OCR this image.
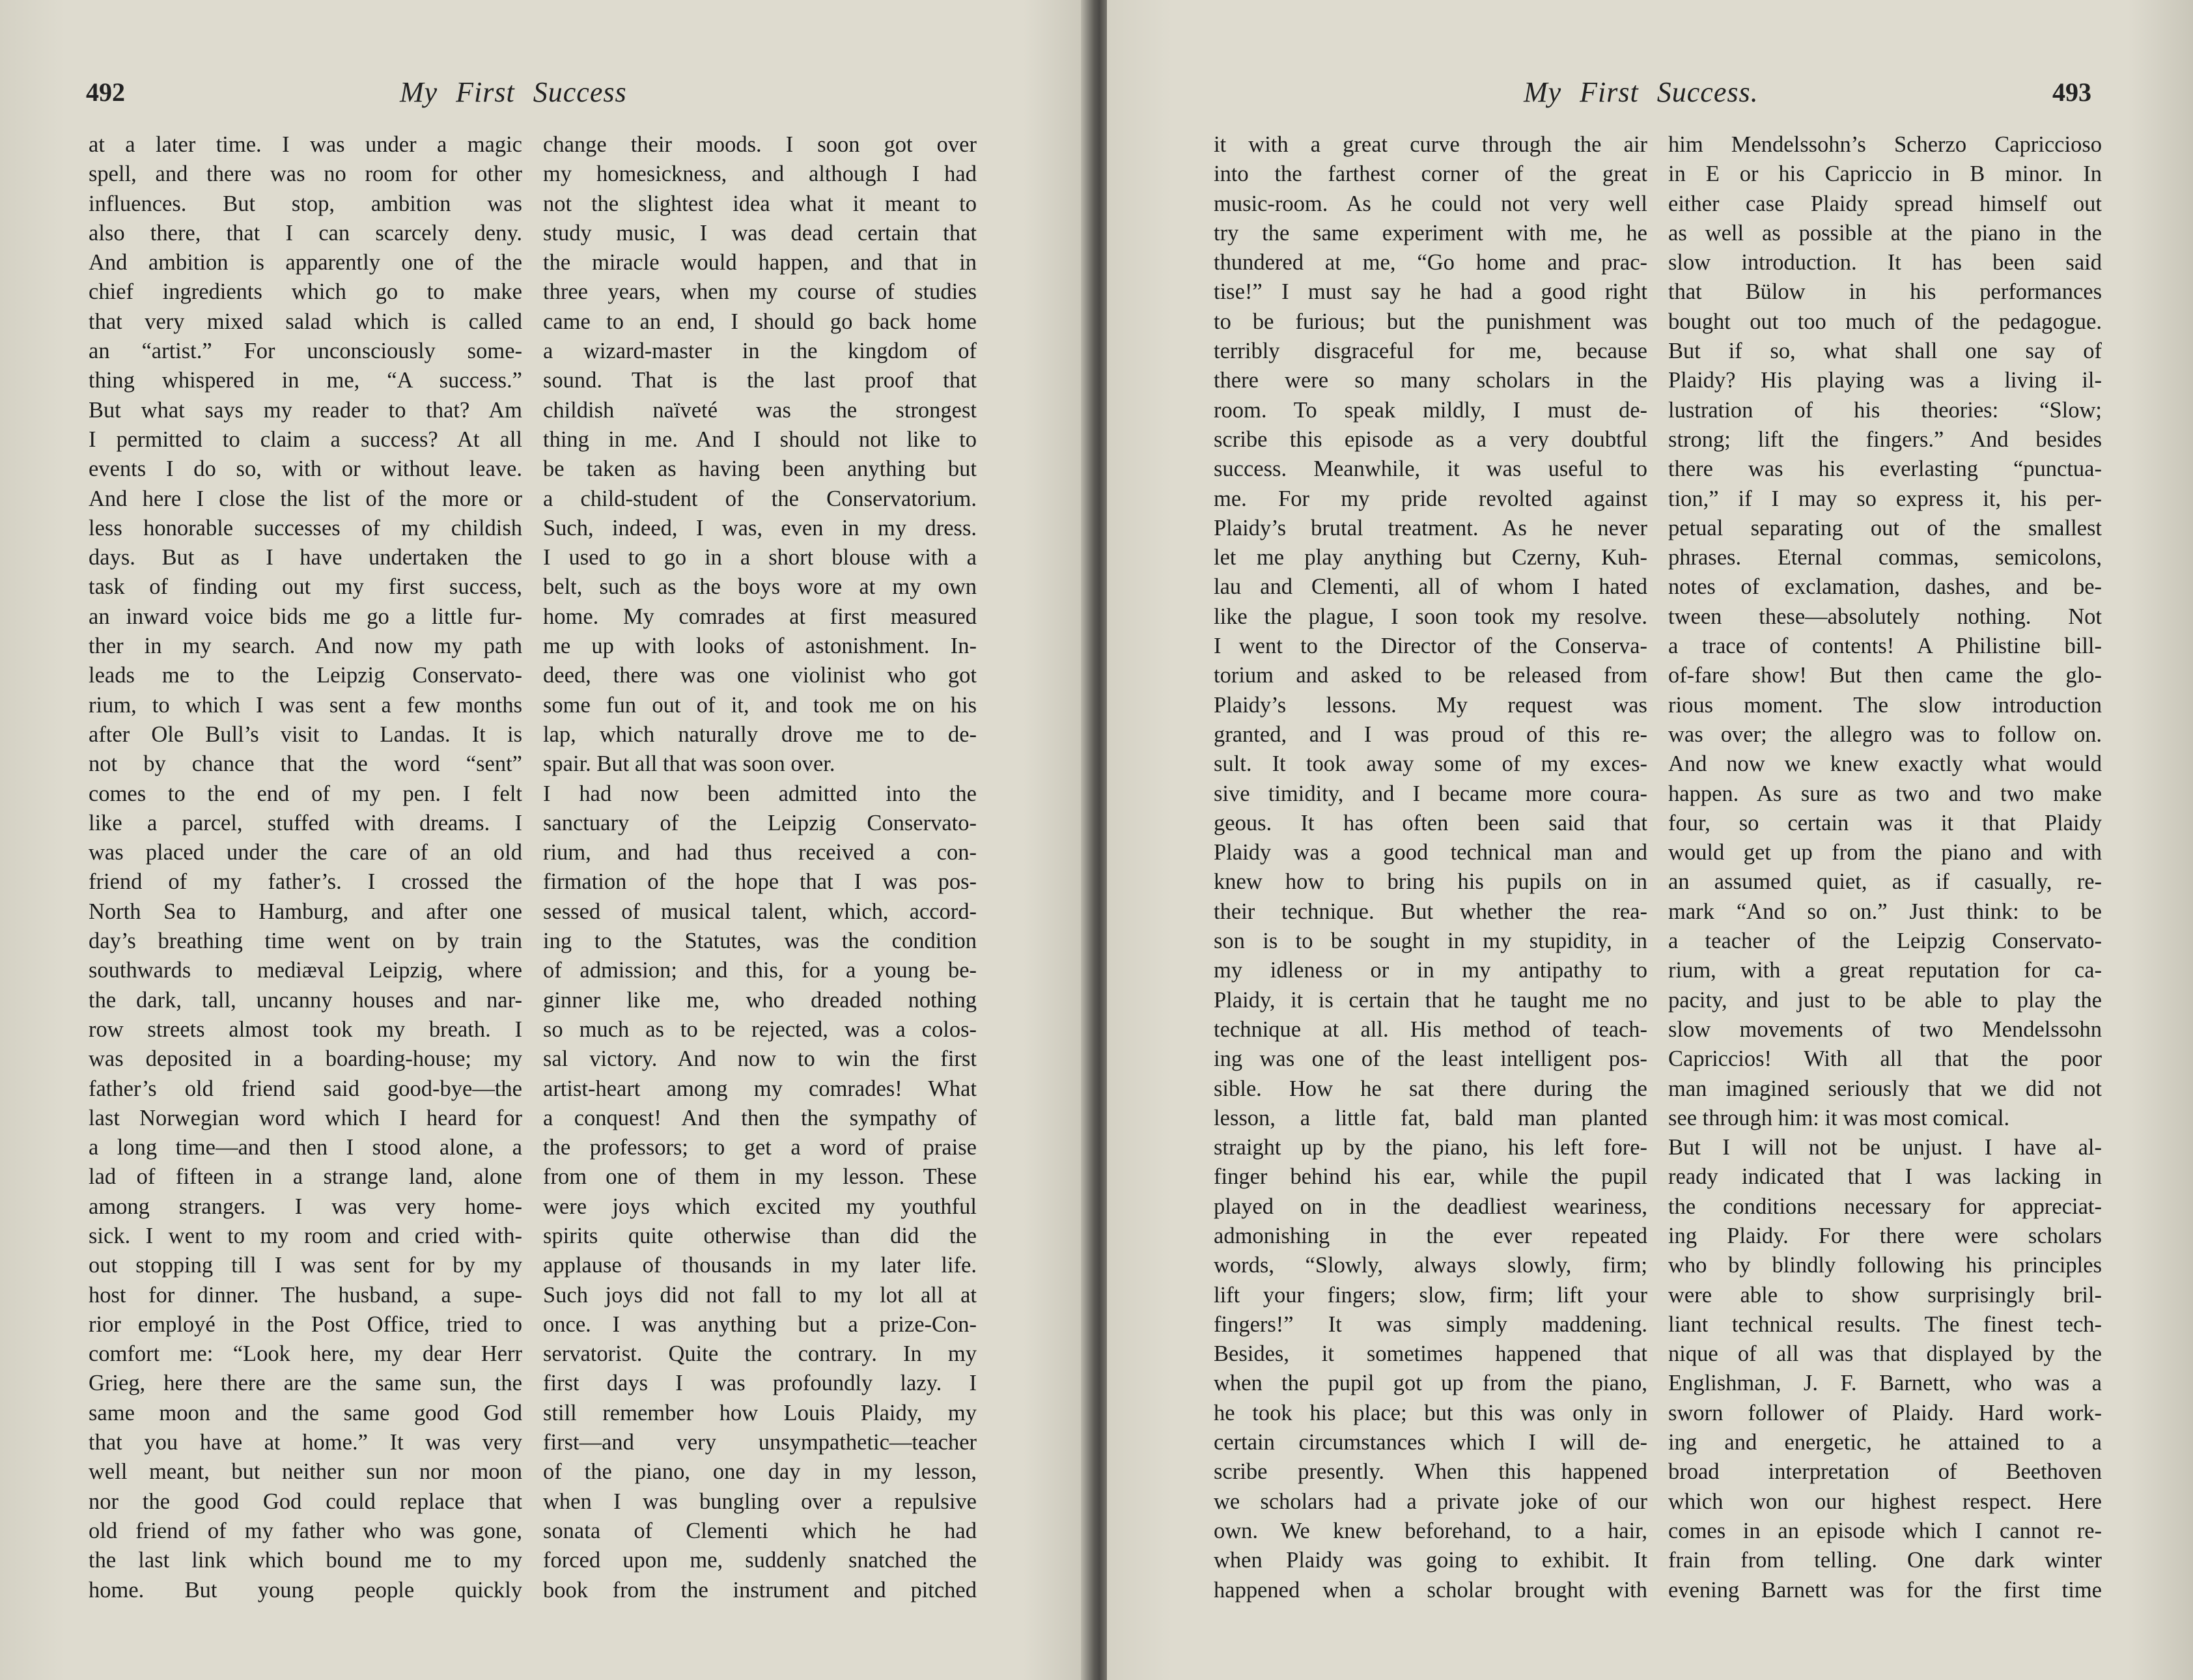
492	My First Success
at a later time. I was under a magic
spell, and there was no room for other
influences. But stop, ambition was
also there, that I can scarcely deny.
And ambition is apparently one of the
chief ingredients which go to make
that very mixed salad which is called
an “artist.” For unconsciously some-
thing whispered in me, “A success.”
But what says my reader to that? Am
I permitted to claim a success? At all
events I do so, with or without leave.
And here I close the list of the more or
less honorable successes of my childish
days. But as I have undertaken the
task of finding out my first success,
an inward voice bids me go a little fur-
ther in my search. And now my path
leads me to the Leipzig Conservato-
rium, to which I was sent a few months
after Ole Bull’s visit to Landas. It is
not by chance that the word “sent”
comes to the end of my pen. I felt
like a parcel, stuffed with dreams. I
was placed under the care of an old
friend of my father’s. I crossed the
North Sea to Hamburg, and after one
day’s breathing time went on by train
southwards to mediæval Leipzig, where
the dark, tall, uncanny houses and nar-
row streets almost took my breath. I
was deposited in a boarding-house; my
father’s old friend said good-bye—the
last Norwegian word which I heard for
a long time—and then I stood alone, a
lad of fifteen in a strange land, alone
among strangers. I was very home-
sick. I went to my room and cried with-
out stopping till I was sent for by my
host for dinner. The husband, a supe-
rior employé in the Post Office, tried to
comfort me: “Look here, my dear Herr
Grieg, here there are the same sun, the
same moon and the same good God
that you have at home.” It was very
well meant, but neither sun nor moon
nor the good God could replace that
old friend of my father who was gone,
the last link which bound me to my
home. But young people quickly
change their moods. I soon got over
my homesickness, and although I had
not the slightest idea what it meant to
study music, I was dead certain that
the miracle would happen, and that in
three years, when my course of studies
came to an end, I should go back home
a wizard-master in the kingdom of
sound. That is the last proof that
childish naïveté was the strongest
thing in me. And I should not like to
be taken as having been anything but
a child-student of the Conservatorium.
Such, indeed, I was, even in my dress.
I used to go in a short blouse with a
belt, such as the boys wore at my own
home. My comrades at first measured
me up with looks of astonishment. In-
deed, there was one violinist who got
some fun out of it, and took me on his
lap, which naturally drove me to de-
spair. But all that was soon over.
I had now been admitted into the
sanctuary of the Leipzig Conservato-
rium, and had thus received a con-
firmation of the hope that I was pos-
sessed of musical talent, which, accord-
ing to the Statutes, was the condition
of admission; and this, for a young be-
ginner like me, who dreaded nothing
so much as to be rejected, was a colos-
sal victory. And now to win the first
artist-heart among my comrades! What
a conquest! And then the sympathy of
the professors; to get a word of praise
from one of them in my lesson. These
were joys which excited my youthful
spirits quite otherwise than did the
applause of thousands in my later life.
Such joys did not fall to my lot all at
once. I was anything but a prize-Con-
servatorist. Quite the contrary. In my
first days I was profoundly lazy. I
still remember how Louis Plaidy, my
first—and very unsympathetic—teacher
of the piano, one day in my lesson,
when I was bungling over a repulsive
sonata of Clementi which he had
forced upon me, suddenly snatched the
book from the instrument and pitched
My First Success.	493
it with a great curve through the air
into the farthest corner of the great
music-room. As he could not very well
try the same experiment with me, he
thundered at me, “Go home and prac-
tise!” I must say he had a good right
to be furious; but the punishment was
terribly disgraceful for me, because
there were so many scholars in the
room. To speak mildly, I must de-
scribe this episode as a very doubtful
success. Meanwhile, it was useful to
me. For my pride revolted against
Plaidy’s brutal treatment. As he never
let me play anything but Czerny, Kuh-
lau and Clementi, all of whom I hated
like the plague, I soon took my resolve.
I went to the Director of the Conserva-
torium and asked to be released from
Plaidy’s lessons. My request was
granted, and I was proud of this re-
sult. It took away some of my exces-
sive timidity, and I became more coura-
geous. It has often been said that
Plaidy was a good technical man and
knew how to bring his pupils on in
their technique. But whether the rea-
son is to be sought in my stupidity, in
my idleness or in my antipathy to
Plaidy, it is certain that he taught me no
technique at all. His method of teach-
ing was one of the least intelligent pos-
sible. How he sat there during the
lesson, a little fat, bald man planted
straight up by the piano, his left fore-
finger behind his ear, while the pupil
played on in the deadliest weariness,
admonishing in the ever repeated
words, “Slowly, always slowly, firm;
lift your fingers; slow, firm; lift your
fingers!” It was simply maddening.
Besides, it sometimes happened that
when the pupil got up from the piano,
he took his place; but this was only in
certain circumstances which I will de-
scribe presently. When this happened
we scholars had a private joke of our
own. We knew beforehand, to a hair,
when Plaidy was going to exhibit. It
happened when a scholar brought with
him Mendelssohn’s Scherzo Capriccioso
in E or his Capriccio in B minor. In
either case Plaidy spread himself out
as well as possible at the piano in the
slow introduction. It has been said
that Bülow in his performances
bought out too much of the pedagogue.
But if so, what shall one say of
Plaidy? His playing was a living il-
lustration of his theories: “Slow;
strong; lift the fingers.” And besides
there was his everlasting “punctua-
tion,” if I may so express it, his per-
petual separating out of the smallest
phrases. Eternal commas, semicolons,
notes of exclamation, dashes, and be-
tween these—absolutely nothing. Not
a trace of contents! A Philistine bill-
of-fare show! But then came the glo-
rious moment. The slow introduction
was over; the allegro was to follow on.
And now we knew exactly what would
happen. As sure as two and two make
four, so certain was it that Plaidy
would get up from the piano and with
an assumed quiet, as if casually, re-
mark “And so on.” Just think: to be
a teacher of the Leipzig Conservato-
rium, with a great reputation for ca-
pacity, and just to be able to play the
slow movements of two Mendelssohn
Capriccios! With all that the poor
man imagined seriously that we did not
see through him: it was most comical.
But I will not be unjust. I have al-
ready indicated that I was lacking in
the conditions necessary for appreciat-
ing Plaidy. For there were scholars
who by blindly following his principles
were able to show surprisingly bril-
liant technical results. The finest tech-
nique of all was that displayed by the
Englishman, J. F. Barnett, who was a
sworn follower of Plaidy. Hard work-
ing and energetic, he attained to a
broad interpretation of Beethoven
which won our highest respect. Here
comes in an episode which I cannot re-
frain from telling. One dark winter
evening Barnett was for the first time
